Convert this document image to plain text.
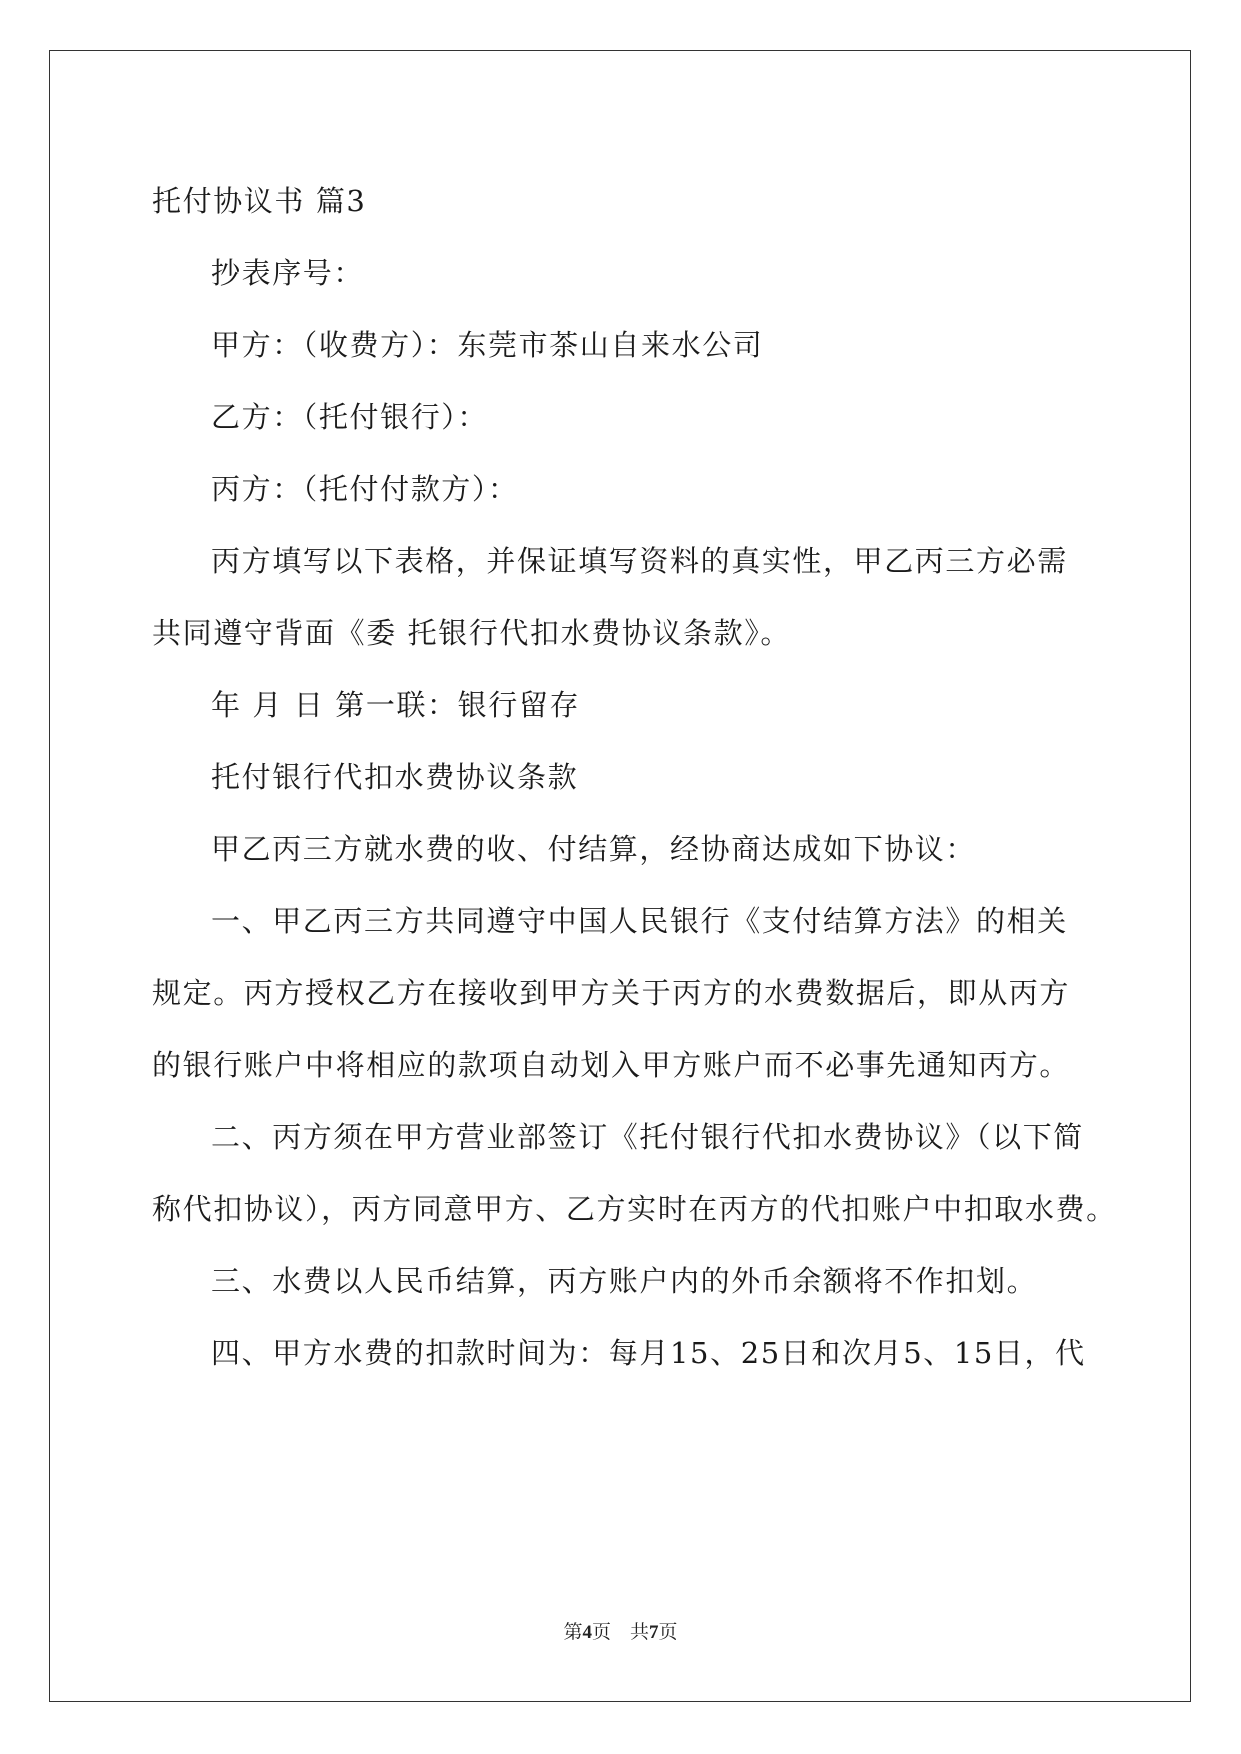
托付协议书 篇3

抄表序号：

甲方：（收费方）：东莞市茶山自来水公司

乙方：（托付银行）：

丙方：（托付付款方）：

丙方填写以下表格，并保证填写资料的真实性，甲乙丙三方必需

共同遵守背面《委 托银行代扣水费协议条款》。

年 月 日 第一联：银行留存

托付银行代扣水费协议条款

甲乙丙三方就水费的收、付结算，经协商达成如下协议：

一、甲乙丙三方共同遵守中国人民银行《支付结算方法》的相关

规定。丙方授权乙方在接收到甲方关于丙方的水费数据后，即从丙方

的银行账户中将相应的款项自动划入甲方账户而不必事先通知丙方。

二、丙方须在甲方营业部签订《托付银行代扣水费协议》（以下简

称代扣协议），丙方同意甲方、乙方实时在丙方的代扣账户中扣取水费。

三、水费以人民币结算，丙方账户内的外币余额将不作扣划。

四、甲方水费的扣款时间为：每月15、25日和次月5、15日，代

第4页　共7页
